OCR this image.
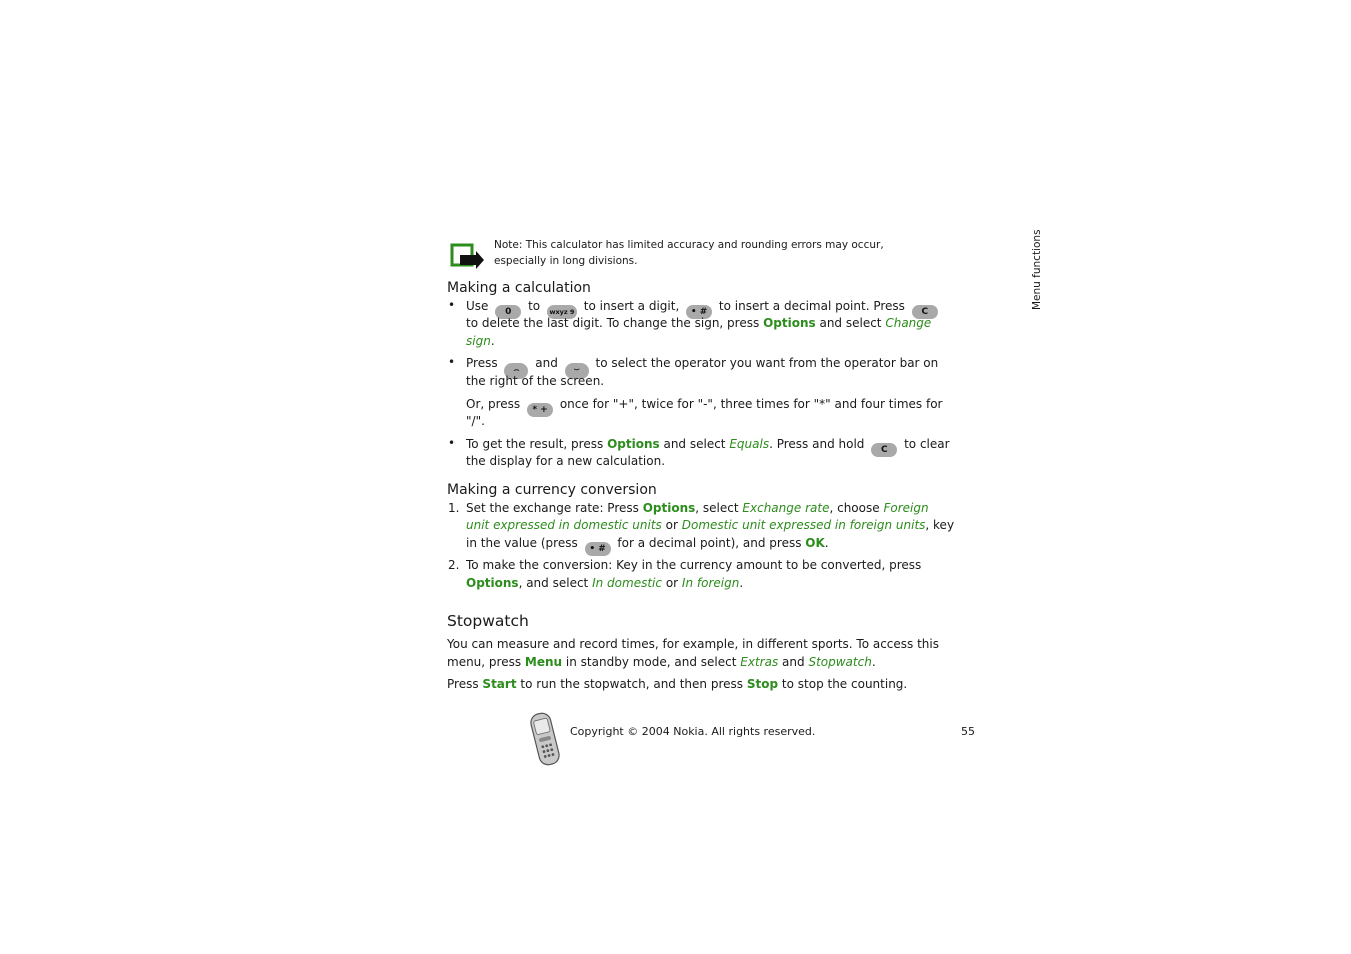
Note: This calculator has limited accuracy and rounding errors may occur,
especially in long divisions.	Menu functions
Making a calculation
• Use 0 to wxyz 9 to insert a digit, • # to insert a decimal point. Press C
to delete the last digit. To change the sign, press Options and select Change
sign.
• Press ⌢ and ⌣ to select the operator you want from the operator bar on
the right of the screen.
Or, press * + once for "+", twice for "-", three times for "*" and four times for
"/".
• To get the result, press Options and select Equals. Press and hold C to clear
the display for a new calculation.
Making a currency conversion
1. Set the exchange rate: Press Options, select Exchange rate, choose Foreign
unit expressed in domestic units or Domestic unit expressed in foreign units, key
in the value (press • # for a decimal point), and press OK.
2. To make the conversion: Key in the currency amount to be converted, press
Options, and select In domestic or In foreign.
Stopwatch
You can measure and record times, for example, in different sports. To access this
menu, press Menu in standby mode, and select Extras and Stopwatch.
Press Start to run the stopwatch, and then press Stop to stop the counting.
Copyright © 2004 Nokia. All rights reserved.	55
